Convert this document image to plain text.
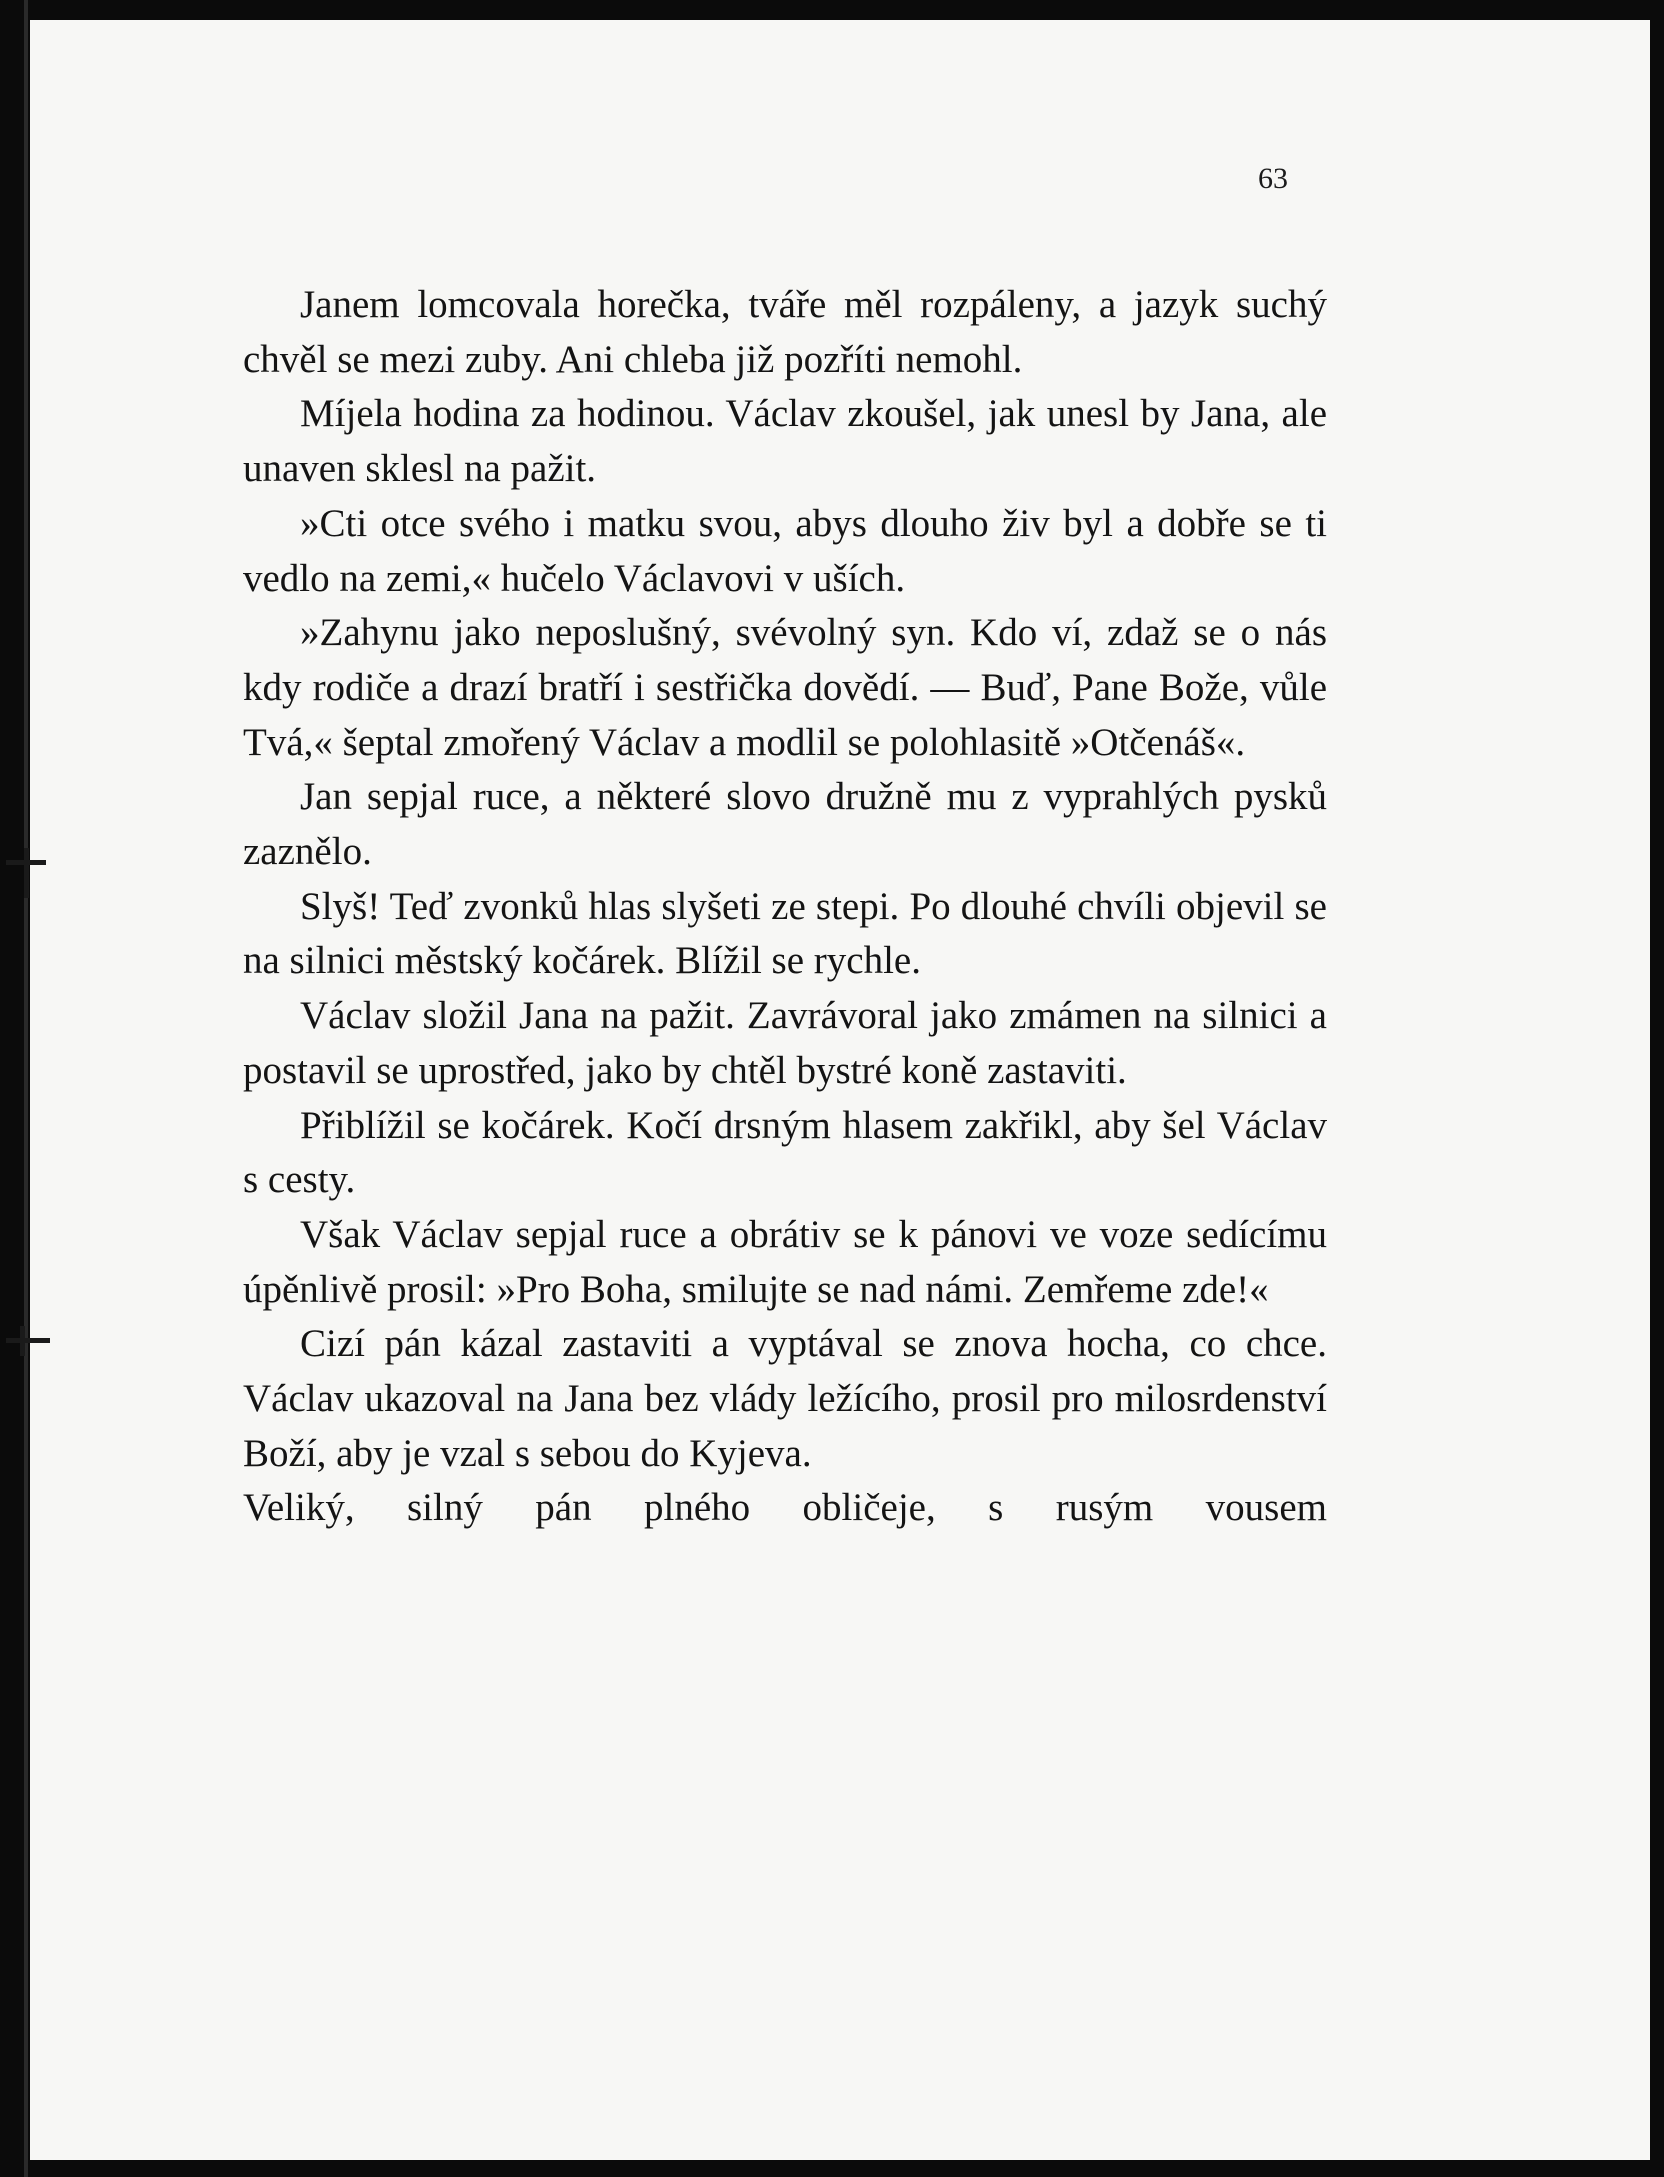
63

Janem lomcovala horečka, tváře měl rozpáleny, a jazyk suchý chvěl se mezi zuby. Ani chleba již pozříti nemohl.

Míjela hodina za hodinou. Václav zkoušel, jak unesl by Jana, ale unaven sklesl na pažit.

»Cti otce svého i matku svou, abys dlouho živ byl a dobře se ti vedlo na zemi,« hučelo Václavovi v uších.

»Zahynu jako neposlušný, svévolný syn. Kdo ví, zdaž se o nás kdy rodiče a drazí bratří i sestřička dovědí. — Buď, Pane Bože, vůle Tvá,« šeptal zmořený Václav a modlil se polohlasitě »Otčenáš«.

Jan sepjal ruce, a některé slovo družně mu z vyprahlých pysků zaznělo.

Slyš! Teď zvonků hlas slyšeti ze stepi. Po dlouhé chvíli objevil se na silnici městský kočárek. Blížil se rychle.

Václav složil Jana na pažit. Zavrávoral jako zmámen na silnici a postavil se uprostřed, jako by chtěl bystré koně zastaviti.

Přiblížil se kočárek. Kočí drsným hlasem zakřikl, aby šel Václav s cesty.

Však Václav sepjal ruce a obrátiv se k pánovi ve voze sedícímu úpěnlivě prosil: »Pro Boha, smilujte se nad námi. Zemřeme zde!«

Cizí pán kázal zastaviti a vyptával se znova hocha, co chce. Václav ukazoval na Jana bez vlády ležícího, prosil pro milosrdenství Boží, aby je vzal s sebou do Kyjeva.

Veliký, silný pán plného obličeje, s rusým vousem
